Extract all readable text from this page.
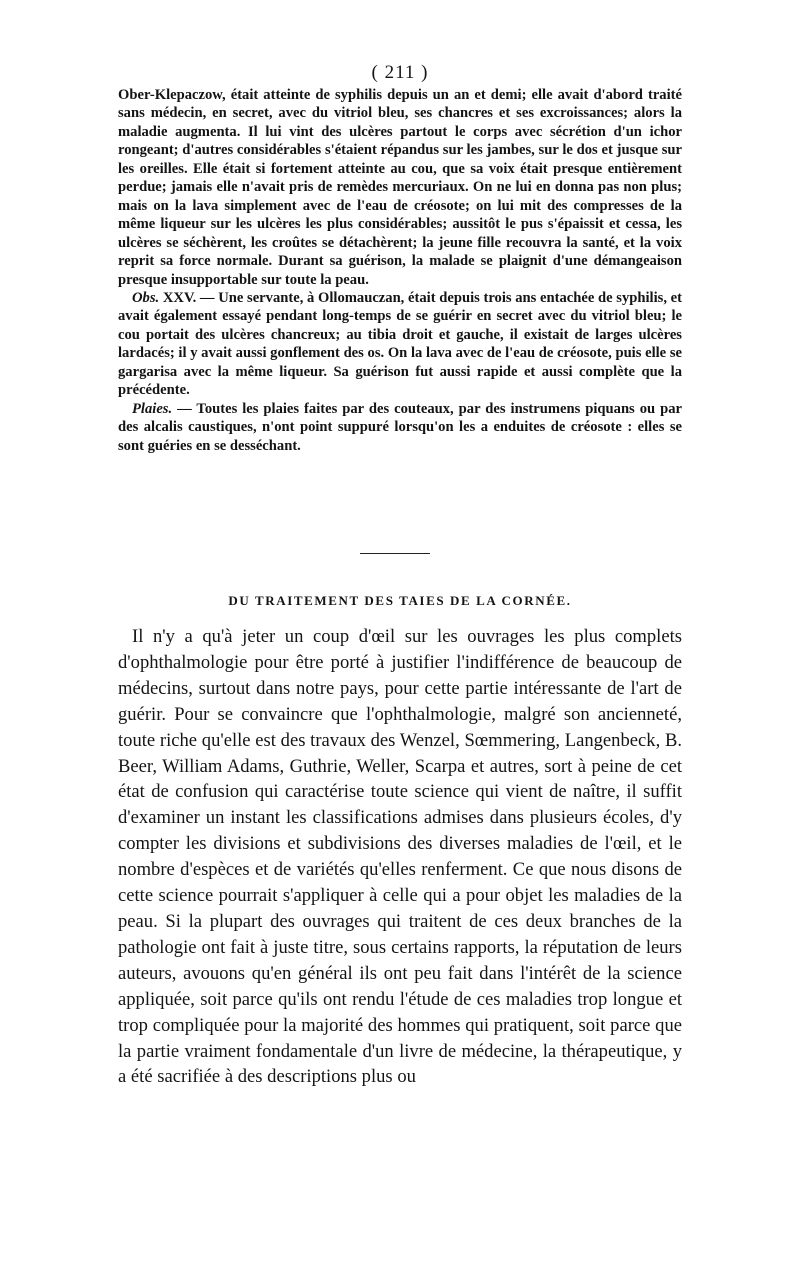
( 211 )

Ober-Klepaczow, était atteinte de syphilis depuis un an et demi; elle avait d'abord traité sans médecin, en secret, avec du vitriol bleu, ses chancres et ses excroissances; alors la maladie augmenta. Il lui vint des ulcères partout le corps avec sécrétion d'un ichor rongeant; d'autres considérables s'étaient répandus sur les jambes, sur le dos et jusque sur les oreilles. Elle était si fortement atteinte au cou, que sa voix était presque entièrement perdue; jamais elle n'avait pris de remèdes mercuriaux. On ne lui en donna pas non plus; mais on la lava simplement avec de l'eau de créosote; on lui mit des compresses de la même liqueur sur les ulcères les plus considérables; aussitôt le pus s'épaissit et cessa, les ulcères se séchèrent, les croûtes se détachèrent; la jeune fille recouvra la santé, et la voix reprit sa force normale. Durant sa guérison, la malade se plaignit d'une démangeaison presque insupportable sur toute la peau.

Obs. XXV. — Une servante, à Ollomauczan, était depuis trois ans entachée de syphilis, et avait également essayé pendant long-temps de se guérir en secret avec du vitriol bleu; le cou portait des ulcères chancreux; au tibia droit et gauche, il existait de larges ulcères lardacés; il y avait aussi gonflement des os. On la lava avec de l'eau de créosote, puis elle se gargarisa avec la même liqueur. Sa guérison fut aussi rapide et aussi complète que la précédente.

Plaies. — Toutes les plaies faites par des couteaux, par des instrumens piquans ou par des alcalis caustiques, n'ont point suppuré lorsqu'on les a enduites de créosote : elles se sont guéries en se desséchant.

DU TRAITEMENT DES TAIES DE LA CORNÉE.

Il n'y a qu'à jeter un coup d'œil sur les ouvrages les plus complets d'ophthalmologie pour être porté à justifier l'indifférence de beaucoup de médecins, surtout dans notre pays, pour cette partie intéressante de l'art de guérir. Pour se convaincre que l'ophthalmologie, malgré son ancienneté, toute riche qu'elle est des travaux des Wenzel, Sœmmering, Langenbeck, B. Beer, William Adams, Guthrie, Weller, Scarpa et autres, sort à peine de cet état de confusion qui caractérise toute science qui vient de naître, il suffit d'examiner un instant les classifications admises dans plusieurs écoles, d'y compter les divisions et subdivisions des diverses maladies de l'œil, et le nombre d'espèces et de variétés qu'elles renferment. Ce que nous disons de cette science pourrait s'appliquer à celle qui a pour objet les maladies de la peau. Si la plupart des ouvrages qui traitent de ces deux branches de la pathologie ont fait à juste titre, sous certains rapports, la réputation de leurs auteurs, avouons qu'en général ils ont peu fait dans l'intérêt de la science appliquée, soit parce qu'ils ont rendu l'étude de ces maladies trop longue et trop compliquée pour la majorité des hommes qui pratiquent, soit parce que la partie vraiment fondamentale d'un livre de médecine, la thérapeutique, y a été sacrifiée à des descriptions plus ou
